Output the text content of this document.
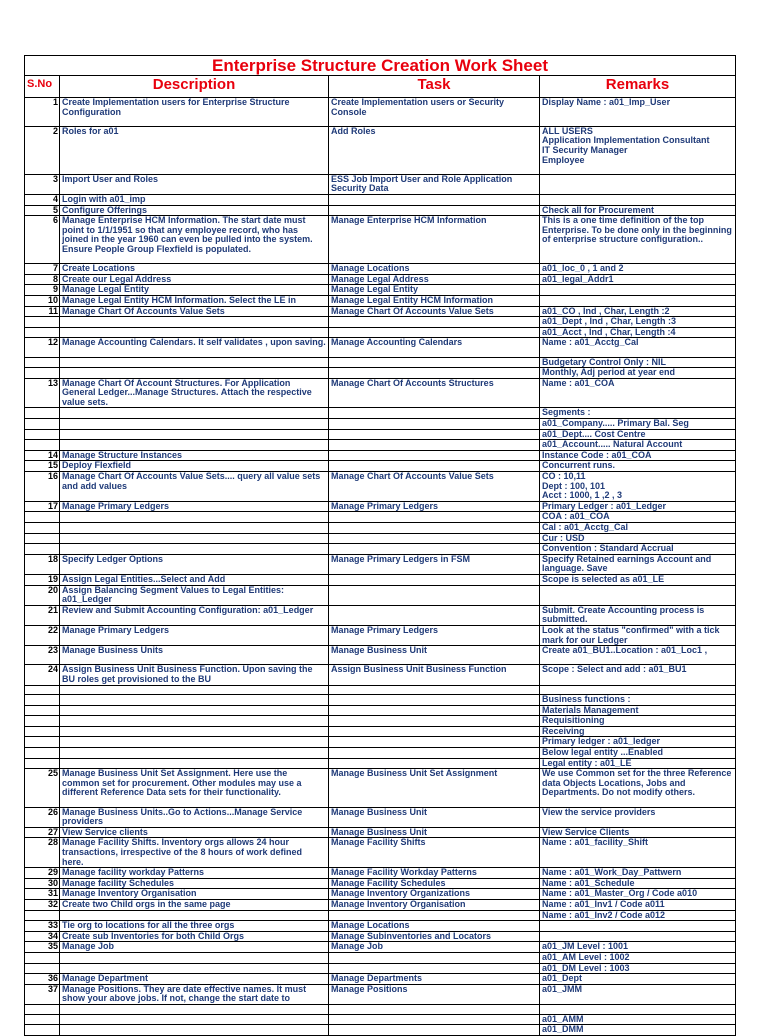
Enterprise Structure Creation Work Sheet			
S.No	Description	Task	Remarks
1	Create Implementation users for Enterprise Structure Configuration	Create Implementation users or Security Console	Display Name : a01_Imp_User
2	Roles for a01	Add Roles	ALL USERS
Application Implementation Consultant
IT Security Manager
Employee
3	Import User and Roles	ESS Job Import User and Role Application Security Data	
4	Login with a01_imp		
5	Configure Offerings		Check all for Procurement
6	Manage Enterprise HCM Information. The start date must point to 1/1/1951 so that any employee record, who has joined in the year 1960 can even be pulled into the system. Ensure People Group Flexfield is populated.	Manage Enterprise HCM Information	This is a one time definition of the top Enterprise. To be done only in the beginning of enterprise structure configuration..
7	Create Locations	Manage Locations	a01_loc_0 , 1 and 2
8	Create our Legal Address	Manage Legal Address	a01_legal_Addr1
9	Manage Legal Entity	Manage Legal Entity	
10	Manage Legal Entity HCM Information. Select the LE in	Manage Legal Entity HCM Information	
11	Manage Chart Of Accounts Value Sets	Manage Chart Of Accounts Value Sets	a01_CO , Ind , Char, Length :2
			a01_Dept , Ind , Char, Length :3
			a01_Acct , Ind , Char, Length :4
12	Manage Accounting Calendars. It self validates , upon saving.	Manage Accounting Calendars	Name : a01_Acctg_Cal
			Budgetary Control Only : NIL
			Monthly, Adj period at year end
13	Manage Chart Of Account Structures. For Application General Ledger...Manage Structures. Attach the respective value sets.	Manage Chart Of Accounts Structures	Name : a01_COA
			Segments :
			a01_Company..... Primary Bal. Seg
			a01_Dept.... Cost Centre
			a01_Account..... Natural Account
14	Manage Structure Instances		Instance Code : a01_COA
15	Deploy Flexfield		Concurrent runs.
16	Manage Chart Of Accounts Value Sets.... query all value sets and add values	Manage Chart Of Accounts Value Sets	CO : 10,11
Dept : 100, 101
Acct : 1000, 1 ,2 , 3
17	Manage Primary Ledgers	Manage Primary Ledgers	Primary Ledger : a01_Ledger
			COA : a01_COA
			Cal : a01_Acctg_Cal
			Cur : USD
			Convention : Standard Accrual
18	Specify Ledger Options	Manage Primary Ledgers in FSM	Specify Retained earnings Account and language. Save
19	Assign Legal Entities...Select and Add		Scope is selected as a01_LE
20	Assign Balancing Segment Values to Legal Entities: a01_Ledger		
21	Review and Submit Accounting Configuration: a01_Ledger		Submit. Create Accounting process is submitted.
22	Manage Primary Ledgers	Manage Primary Ledgers	Look at the status "confirmed" with a tick mark for our Ledger
23	Manage Business Units	Manage Business Unit	Create a01_BU1..Location : a01_Loc1 ,
24	Assign Business Unit Business Function. Upon saving the BU roles get provisioned to the BU	Assign Business Unit Business Function	Scope : Select and add : a01_BU1

			Business functions :
			Materials Management
			Requisitioning
			Receiving
			Primary ledger : a01_ledger
			Below legal entity ...Enabled
			Legal entity : a01_LE
25	Manage Business Unit Set Assignment. Here use the common set for procurement. Other modules may use a different Reference Data sets for their functionality.	Manage Business Unit Set Assignment	We use Common set for the three Reference data Objects Locations, Jobs and Departments. Do not modify others.
26	Manage Business Units..Go to Actions...Manage Service providers	Manage Business Unit	View the service providers
27	View Service clients	Manage Business Unit	View Service Clients
28	Manage Facility Shifts. Inventory orgs allows 24 hour transactions, irrespective of the 8 hours of work defined here.	Manage Facility Shifts	Name : a01_facility_Shift
29	Manage facility workday Patterns	Manage Facility Workday Patterns	Name : a01_Work_Day_Pattwern
30	Manage facility Schedules	Manage Facility Schedules	Name : a01_Schedule
31	Manage Inventory Organisation	Manage Inventory Organizations	Name : a01_Master_Org / Code a010
32	Create two Child orgs in the same page	Manage Inventory Organisation	Name : a01_Inv1 / Code a011
			Name : a01_Inv2 / Code a012
33	Tie org to locations for all the three orgs	Manage Locations	
34	Create sub Inventories for both Child Orgs	Manage Subinventories and Locators	
35	Manage Job	Manage Job	a01_JM Level : 1001
			a01_AM Level : 1002
			a01_DM Level : 1003
36	Manage Department	Manage Departments	a01_Dept
37	Manage Positions. They are date effective names. It must show your above jobs. If not, change the start date to	Manage Positions	a01_JMM

			a01_AMM
			a01_DMM
